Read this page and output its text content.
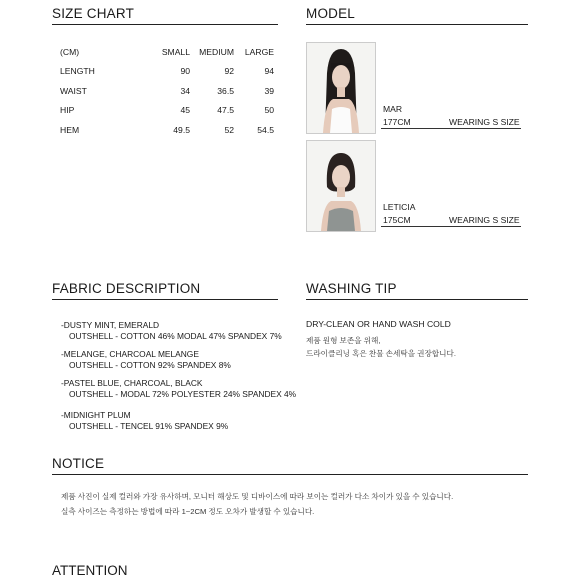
SIZE CHART
(CM)	SMALL	MEDIUM	LARGE
LENGTH	90	92	94
WAIST	34	36.5	39
HIP	45	47.5	50
HEM	49.5	52	54.5
MODEL
MAR
177CM	WEARING S SIZE
LETICIA
175CM	WEARING S SIZE
FABRIC DESCRIPTION
-DUSTY MINT, EMERALD
OUTSHELL - COTTON 46% MODAL 47% SPANDEX 7%
-MELANGE, CHARCOAL MELANGE
OUTSHELL - COTTON 92% SPANDEX 8%
-PASTEL BLUE, CHARCOAL, BLACK
OUTSHELL - MODAL 72% POLYESTER 24% SPANDEX 4%
-MIDNIGHT PLUM
OUTSHELL - TENCEL 91% SPANDEX 9%
WASHING TIP
DRY-CLEAN OR HAND WASH COLD
제품 원형 보존을 위해,
드라이클리닝 혹은 찬물 손세탁을 권장합니다.
NOTICE
제품 사진이 실제 컬러와 가장 유사하며, 모니터 해상도 및 디바이스에 따라 보이는 컬러가 다소 차이가 있을 수 있습니다.
실측 사이즈는 측정하는 방법에 따라 1~2CM 정도 오차가 발생할 수 있습니다.
ATTENTION
